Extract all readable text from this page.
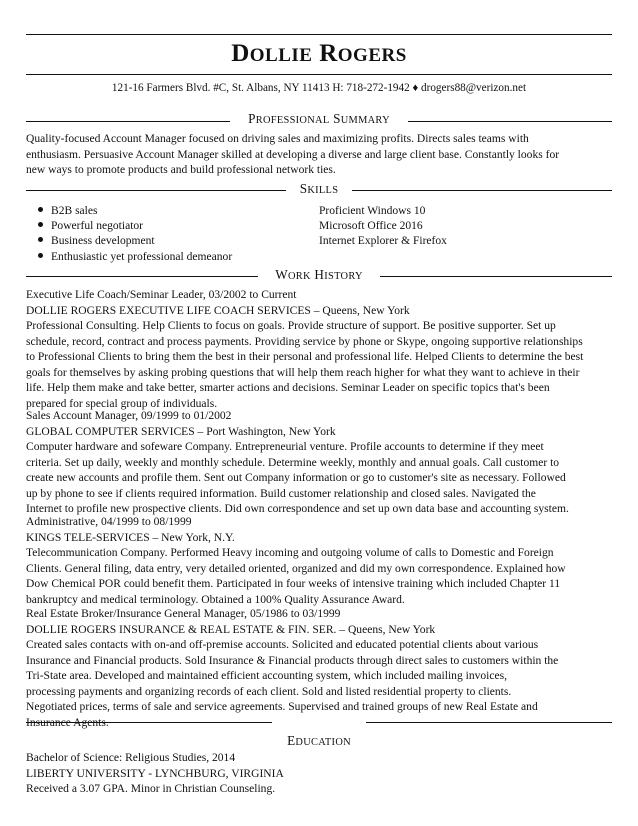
DOLLIE ROGERS
121-16 Farmers Blvd. #C, St. Albans, NY 11413 H: 718-272-1942 ♦ drogers88@verizon.net
PROFESSIONAL SUMMARY
Quality-focused Account Manager focused on driving sales and maximizing profits. Directs sales teams with
enthusiasm. Persuasive Account Manager skilled at developing a diverse and large client base. Constantly looks for
new ways to promote products and build professional network ties.
SKILLS
B2B sales
Powerful negotiator
Business development
Enthusiastic yet professional demeanor
Proficient Windows 10
Microsoft Office 2016
Internet Explorer & Firefox
WORK HISTORY
Executive Life Coach/Seminar Leader, 03/2002 to Current
DOLLIE ROGERS EXECUTIVE LIFE COACH SERVICES – Queens, New York
Professional Consulting. Help Clients to focus on goals. Provide structure of support. Be positive supporter. Set up
schedule, record, contract and process payments. Providing service by phone or Skype, ongoing supportive relationships
to Professional Clients to bring them the best in their personal and professional life. Helped Clients to determine the best
goals for themselves by asking probing questions that will help them reach higher for what they want to achieve in their
life. Help them make and take better, smarter actions and decisions. Seminar Leader on specific topics that's been
prepared for special group of individuals.
Sales Account Manager, 09/1999 to 01/2002
GLOBAL COMPUTER SERVICES – Port Washington, New York
Computer hardware and sofeware Company. Entrepreneurial venture. Profile accounts to determine if they meet
criteria. Set up daily, weekly and monthly schedule. Determine weekly, monthly and annual goals. Call customer to
create new accounts and profile them. Sent out Company information or go to customer's site as necessary. Followed
up by phone to see if clients required information. Build customer relationship and closed sales. Navigated the
Internet to profile new prospective clients. Did own correspondence and set up own data base and accounting system.
Administrative, 04/1999 to 08/1999
KINGS TELE-SERVICES – New York, N.Y.
Telecommunication Company. Performed Heavy incoming and outgoing volume of calls to Domestic and Foreign
Clients. General filing, data entry, very detailed oriented, organized and did my own correspondence. Explained how
Dow Chemical POR could benefit them. Participated in four weeks of intensive training which included Chapter 11
bankruptcy and medical terminology. Obtained a 100% Quality Assurance Award.
Real Estate Broker/Insurance General Manager, 05/1986 to 03/1999
DOLLIE ROGERS INSURANCE & REAL ESTATE & FIN. SER. – Queens, New York
Created sales contacts with on-and off-premise accounts. Solicited and educated potential clients about various
Insurance and Financial products. Sold Insurance & Financial products through direct sales to customers within the
Tri-State area. Developed and maintained efficient accounting system, which included mailing invoices,
processing payments and organizing records of each client. Sold and listed residential property to clients.
Negotiated prices, terms of sale and service agreements. Supervised and trained groups of new Real Estate and
Insurance Agents.
EDUCATION
Bachelor of Science: Religious Studies, 2014
LIBERTY UNIVERSITY - LYNCHBURG, VIRGINIA
Received a 3.07 GPA. Minor in Christian Counseling.
